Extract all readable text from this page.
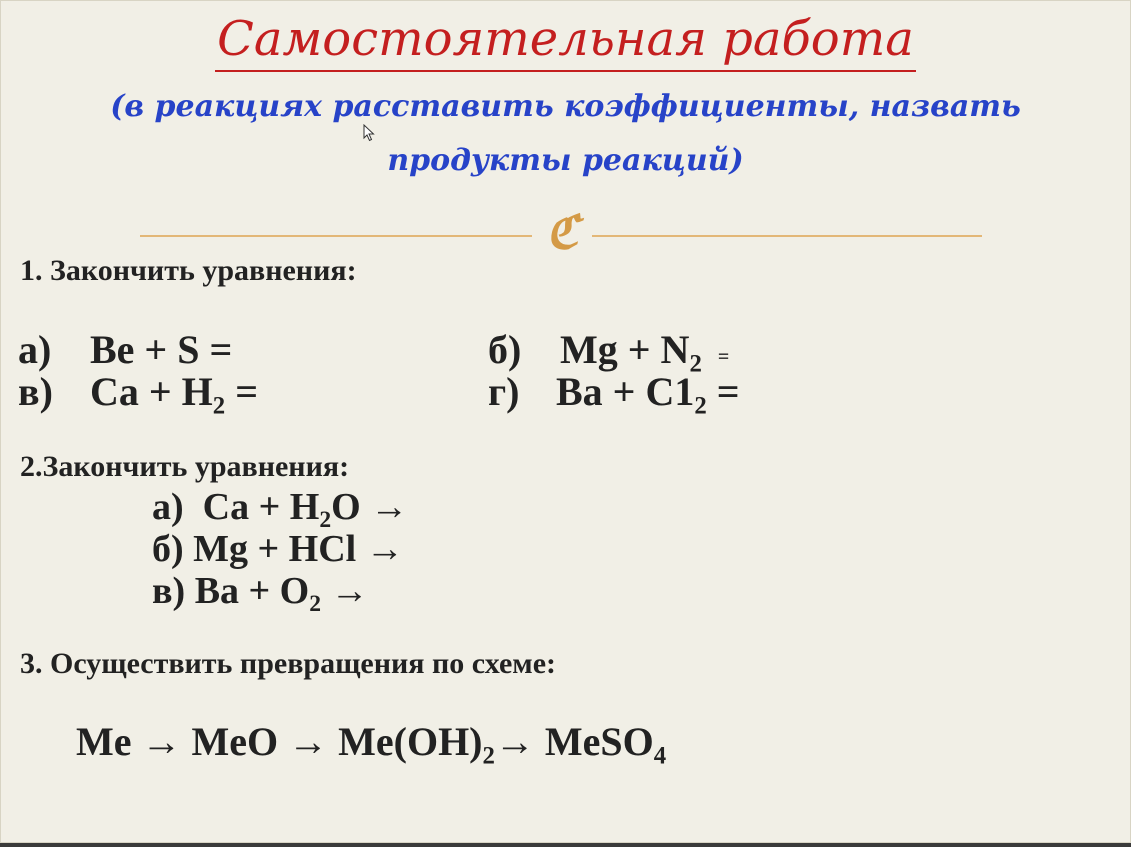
Самостоятельная работа
(в реакциях расставить коэффициенты, назвать продукты реакций)
ℭ
1. Закончить уравнения:
а) Be + S =	б) $Mg + N_2$ =
в) $Ca + H_2$ =	г) $Ba + C1_2$ =
2.Закончить уравнения:
а) $Ca + H_2O$ →
б) Mg + HCl →
в) $Ba + O_2$ →
3. Осуществить превращения по схеме:
Me → MeO → $Me(OH)_2\to$ MeSO$_4$
